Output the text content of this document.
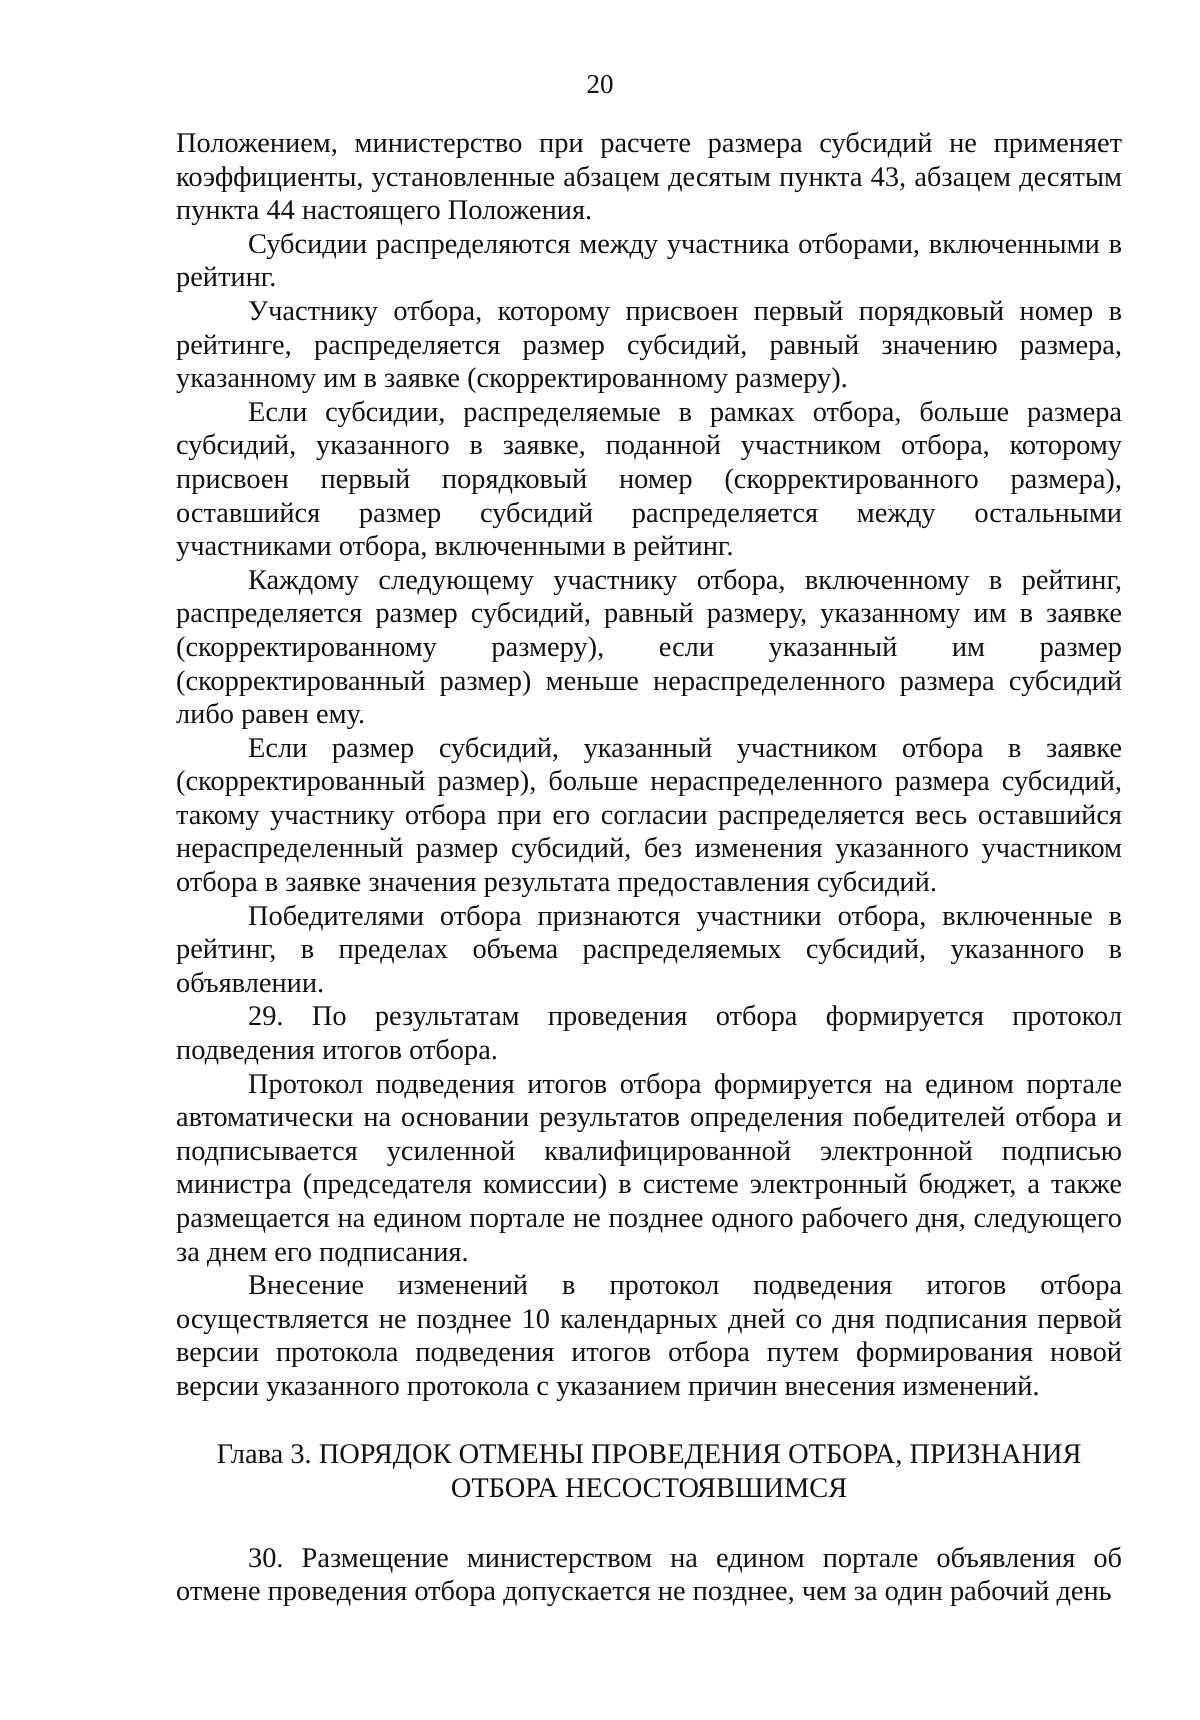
20

Положением, министерство при расчете размера субсидий не применяет коэффициенты, установленные абзацем десятым пункта 43, абзацем десятым пункта 44 настоящего Положения.

Субсидии распределяются между участника отборами, включенными в рейтинг.

Участнику отбора, которому присвоен первый порядковый номер в рейтинге, распределяется размер субсидий, равный значению размера, указанному им в заявке (скорректированному размеру).

Если субсидии, распределяемые в рамках отбора, больше размера субсидий, указанного в заявке, поданной участником отбора, которому присвоен первый порядковый номер (скорректированного размера), оставшийся размер субсидий распределяется между остальными участниками отбора, включенными в рейтинг.

Каждому следующему участнику отбора, включенному в рейтинг, распределяется размер субсидий, равный размеру, указанному им в заявке (скорректированному размеру), если указанный им размер (скорректированный размер) меньше нераспределенного размера субсидий либо равен ему.

Если размер субсидий, указанный участником отбора в заявке (скорректированный размер), больше нераспределенного размера субсидий, такому участнику отбора при его согласии распределяется весь оставшийся нераспределенный размер субсидий, без изменения указанного участником отбора в заявке значения результата предоставления субсидий.

Победителями отбора признаются участники отбора, включенные в рейтинг, в пределах объема распределяемых субсидий, указанного в объявлении.

29. По результатам проведения отбора формируется протокол подведения итогов отбора.

Протокол подведения итогов отбора формируется на едином портале автоматически на основании результатов определения победителей отбора и подписывается усиленной квалифицированной электронной подписью министра (председателя комиссии) в системе электронный бюджет, а также размещается на едином портале не позднее одного рабочего дня, следующего за днем его подписания.

Внесение изменений в протокол подведения итогов отбора осуществляется не позднее 10 календарных дней со дня подписания первой версии протокола подведения итогов отбора путем формирования новой версии указанного протокола с указанием причин внесения изменений.

Глава 3. ПОРЯДОК ОТМЕНЫ ПРОВЕДЕНИЯ ОТБОРА, ПРИЗНАНИЯ
ОТБОРА НЕСОСТОЯВШИМСЯ

30. Размещение министерством на едином портале объявления об отмене проведения отбора допускается не позднее, чем за один рабочий день
